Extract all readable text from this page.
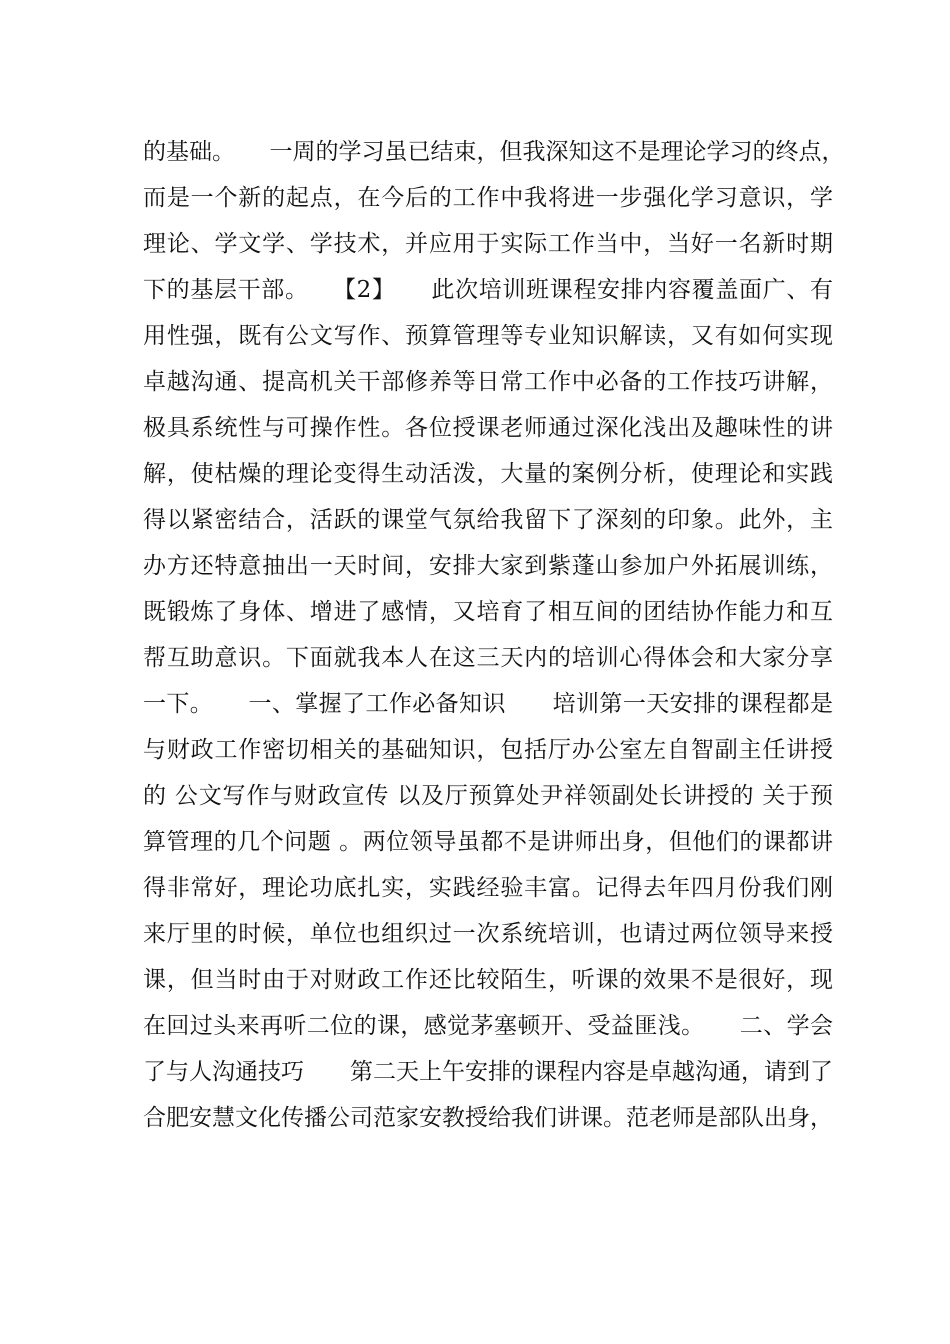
的基础。　　一周的学习虽已结束，但我深知这不是理论学习的终点，
而是一个新的起点，在今后的工作中我将进一步强化学习意识，学
理论、学文学、学技术，并应用于实际工作当中，当好一名新时期
下的基层干部。　　【2】　　此次培训班课程安排内容覆盖面广、有
用性强，既有公文写作、预算管理等专业知识解读，又有如何实现
卓越沟通、提高机关干部修养等日常工作中必备的工作技巧讲解，
极具系统性与可操作性。各位授课老师通过深化浅出及趣味性的讲
解，使枯燥的理论变得生动活泼，大量的案例分析，使理论和实践
得以紧密结合，活跃的课堂气氛给我留下了深刻的印象。此外，主
办方还特意抽出一天时间，安排大家到紫蓬山参加户外拓展训练，
既锻炼了身体、增进了感情，又培育了相互间的团结协作能力和互
帮互助意识。下面就我本人在这三天内的培训心得体会和大家分享
一下。　　一、掌握了工作必备知识　　培训第一天安排的课程都是
与财政工作密切相关的基础知识，包括厅办公室左自智副主任讲授
的 公文写作与财政宣传 以及厅预算处尹祥领副处长讲授的 关于预
算管理的几个问题 。两位领导虽都不是讲师出身，但他们的课都讲
得非常好，理论功底扎实，实践经验丰富。记得去年四月份我们刚
来厅里的时候，单位也组织过一次系统培训，也请过两位领导来授
课，但当时由于对财政工作还比较陌生，听课的效果不是很好，现
在回过头来再听二位的课，感觉茅塞顿开、受益匪浅。　　二、学会
了与人沟通技巧　　第二天上午安排的课程内容是卓越沟通，请到了
合肥安慧文化传播公司范家安教授给我们讲课。范老师是部队出身，
